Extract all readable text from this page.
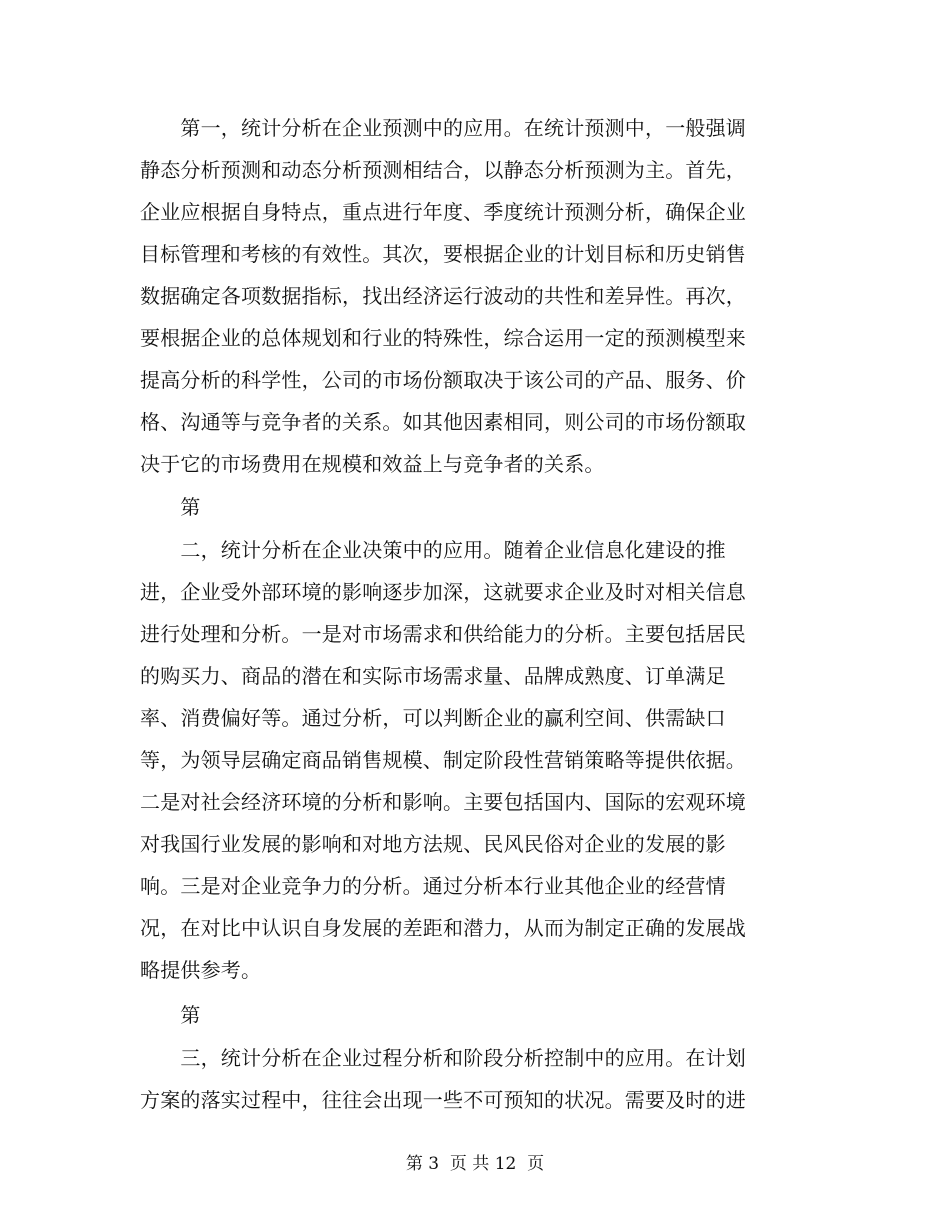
　　第一，统计分析在企业预测中的应用。在统计预测中，一般强调
静态分析预测和动态分析预测相结合，以静态分析预测为主。首先，
企业应根据自身特点，重点进行年度、季度统计预测分析，确保企业
目标管理和考核的有效性。其次，要根据企业的计划目标和历史销售
数据确定各项数据指标，找出经济运行波动的共性和差异性。再次，
要根据企业的总体规划和行业的特殊性，综合运用一定的预测模型来
提高分析的科学性，公司的市场份额取决于该公司的产品、服务、价
格、沟通等与竞争者的关系。如其他因素相同，则公司的市场份额取
决于它的市场费用在规模和效益上与竞争者的关系。
　　第
　　二，统计分析在企业决策中的应用。随着企业信息化建设的推
进，企业受外部环境的影响逐步加深，这就要求企业及时对相关信息
进行处理和分析。一是对市场需求和供给能力的分析。主要包括居民
的购买力、商品的潜在和实际市场需求量、品牌成熟度、订单满足
率、消费偏好等。通过分析，可以判断企业的赢利空间、供需缺口
等，为领导层确定商品销售规模、制定阶段性营销策略等提供依据。
二是对社会经济环境的分析和影响。主要包括国内、国际的宏观环境
对我国行业发展的影响和对地方法规、民风民俗对企业的发展的影
响。三是对企业竞争力的分析。通过分析本行业其他企业的经营情
况，在对比中认识自身发展的差距和潜力，从而为制定正确的发展战
略提供参考。
　　第
　　三，统计分析在企业过程分析和阶段分析控制中的应用。在计划
方案的落实过程中，往往会出现一些不可预知的状况。需要及时的进
第 3  页 共 12  页
